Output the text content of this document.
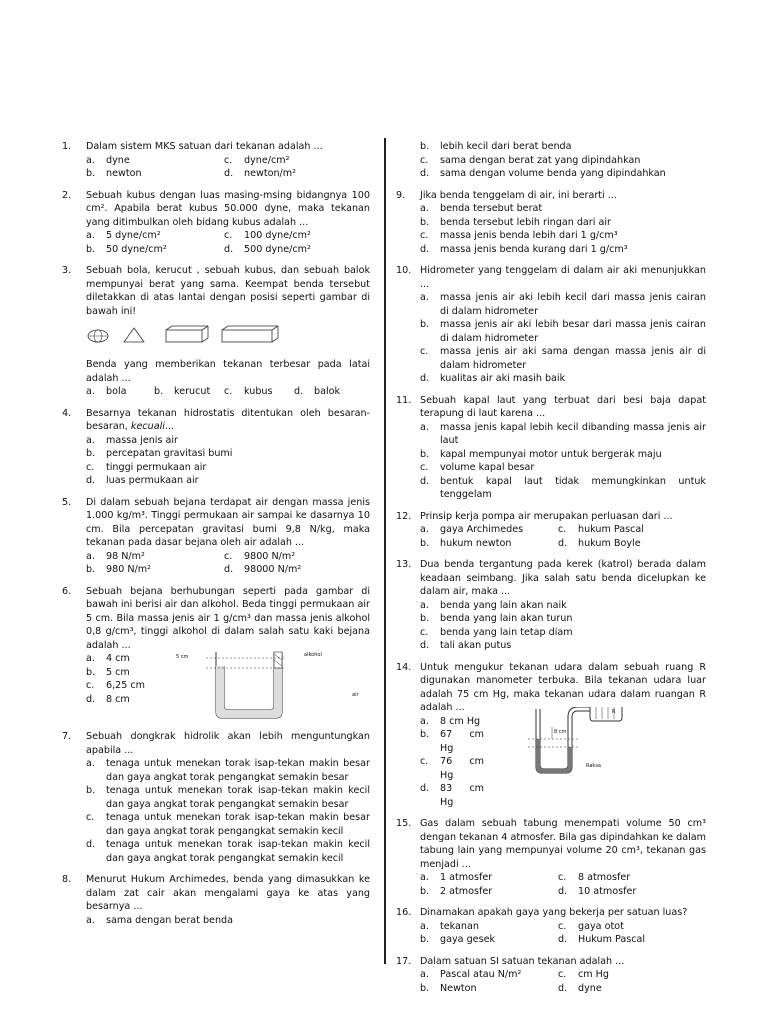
1.	Dalam sistem MKS satuan dari tekanan adalah ...
a.	dyne	c.	dyne/cm²
b.	newton	d.	newton/m²
2.	Sebuah kubus dengan luas masing-msing bidangnya 100 cm². Apabila berat kubus 50.000 dyne, maka tekanan yang ditimbulkan oleh bidang kubus adalah ...
a.	5 dyne/cm²	c.	100 dyne/cm²
b.	50 dyne/cm²	d.	500 dyne/cm²
3.	Sebuah bola, kerucut , sebuah kubus, dan sebuah balok mempunyai berat yang sama. Keempat benda tersebut diletakkan di atas lantai dengan posisi seperti gambar di bawah ini!
Benda yang memberikan tekanan terbesar pada latai adalah ...
a.	bola	b.	kerucut	c.	kubus	d.	balok
4.	Besarnya tekanan hidrostatis ditentukan oleh besaran-besaran, kecuali...
a.	massa jenis air
b.	percepatan gravitasi bumi
c.	tinggi permukaan air
d.	luas permukaan air
5.	Di dalam sebuah bejana terdapat air dengan massa jenis 1.000 kg/m³. Tinggi permukaan air sampai ke dasarnya 10 cm. Bila percepatan gravitasi bumi 9,8 N/kg, maka tekanan pada dasar bejana oleh air adalah ...
a.	98 N/m²	c.	9800 N/m²
b.	980 N/m²	d.	98000 N/m²
6.	Sebuah bejana berhubungan seperti pada gambar di bawah ini berisi air dan alkohol. Beda tinggi permukaan air 5 cm. Bila massa jenis air 1 g/cm³ dan massa jenis alkohol 0,8 g/cm³, tinggi alkohol di dalam salah satu kaki bejana adalah ...
a.	4 cm
b.	5 cm
c.	6,25 cm
d.	8 cm
5 cm	alkohol
air
7.	Sebuah dongkrak hidrolik akan lebih menguntungkan apabila ...
a.	tenaga untuk menekan torak isap-tekan makin besar dan gaya angkat torak pengangkat semakin besar
b.	tenaga untuk menekan torak isap-tekan makin kecil dan gaya angkat torak pengangkat semakin besar
c.	tenaga untuk menekan torak isap-tekan makin besar dan gaya angkat torak pengangkat semakin kecil
d.	tenaga untuk menekan torak isap-tekan makin kecil dan gaya angkat torak pengangkat semakin kecil
8.	Menurut Hukum Archimedes, benda yang dimasukkan ke dalam zat cair akan mengalami gaya ke atas yang besarnya ...
a.	sama dengan berat benda
b.	lebih kecil dari berat benda
c.	sama dengan berat zat yang dipindahkan
d.	sama dengan volume benda yang dipindahkan
9.	Jika benda tenggelam di air, ini berarti ...
a.	benda tersebut berat
b.	benda tersebut lebih ringan dari air
c.	massa jenis benda lebih dari 1 g/cm³
d.	massa jenis benda kurang dari 1 g/cm³
10. Hidrometer yang tenggelam di dalam air aki menunjukkan ...
a.	massa jenis air aki lebih kecil dari massa jenis cairan di dalam hidrometer
b.	massa jenis air aki lebih besar dari massa jenis cairan di dalam hidrometer
c.	massa jenis air aki sama dengan massa jenis air di dalam hidrometer
d.	kualitas air aki masih baik
11. Sebuah kapal laut yang terbuat dari besi baja dapat terapung di laut karena ...
a.	massa jenis kapal lebih kecil dibanding massa jenis air laut
b.	kapal mempunyai motor untuk bergerak maju
c.	volume kapal besar
d.	bentuk kapal laut tidak memungkinkan untuk tenggelam
12. Prinsip kerja pompa air merupakan perluasan dari ...
a.	gaya Archimedes	c.	hukum Pascal
b.	hukum newton	d.	hukum Boyle
13. Dua benda tergantung pada kerek (katrol) berada dalam keadaan seimbang. Jika salah satu benda dicelupkan ke dalam air, maka ...
a.	benda yang lain akan naik
b.	benda yang lain akan turun
c.	benda yang lain tetap diam
d.	tali akan putus
14. Untuk mengukur tekanan udara dalam sebuah ruang R digunakan manometer terbuka. Bila tekanan udara luar adalah 75 cm Hg, maka tekanan udara dalam ruangan R adalah ...
a.	8 cm Hg
b.	67 cm Hg
c.	76 cm Hg
d.	83 cm Hg
Raksa
R
8 cm
15. Gas dalam sebuah tabung menempati volume 50 cm³ dengan tekanan 4 atmosfer. Bila gas dipindahkan ke dalam tabung lain yang mempunyai volume 20 cm³, tekanan gas menjadi ...
a.	1 atmosfer	c.	8 atmosfer
b.	2 atmosfer	d.	10 atmosfer
16. Dinamakan apakah gaya yang bekerja per satuan luas?
a.	tekanan	c.	gaya otot
b.	gaya gesek	d.	Hukum Pascal
17. Dalam satuan SI satuan tekanan adalah ...
a.	Pascal atau N/m²	c.	cm Hg
b.	Newton	d.	dyne
